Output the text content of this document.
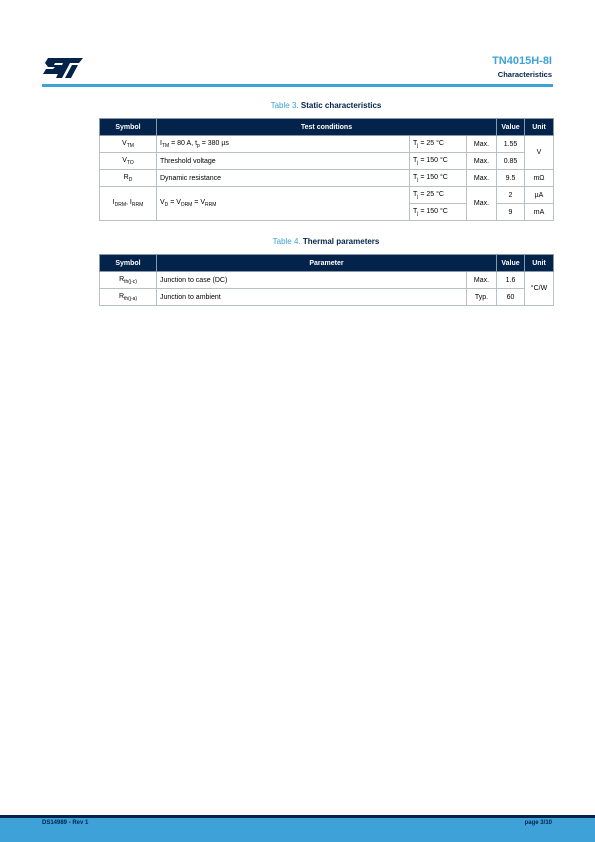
TN4015H-8I
Characteristics
Table 3. Static characteristics
Symbol	Test conditions			Value	Unit
$V_{TM}$	$I_{TM} = 80$ A, $t_p = 380$ µs	$T_j = 25$ °C	Max.	1.55	V
$V_{TO}$	Threshold voltage	$T_j = 150$ °C	Max.	0.85	
$R_D$	Dynamic resistance	$T_j = 150$ °C	Max.	9.5	mΩ
$I_{DRM}$, $I_{RRM}$	$V_D = V_{DRM} = V_{RRM}$	$T_j = 25$ °C	Max.	2	µA
		$T_j = 150$ °C		9	mA
Table 4. Thermal parameters
Symbol	Parameter		Value	Unit
$R_{th(j-c)}$	Junction to case (DC)	Max.	1.6	°C/W
$R_{th(j-a)}$	Junction to ambient	Typ.	60	
DS14989 - Rev 1	page 3/10
